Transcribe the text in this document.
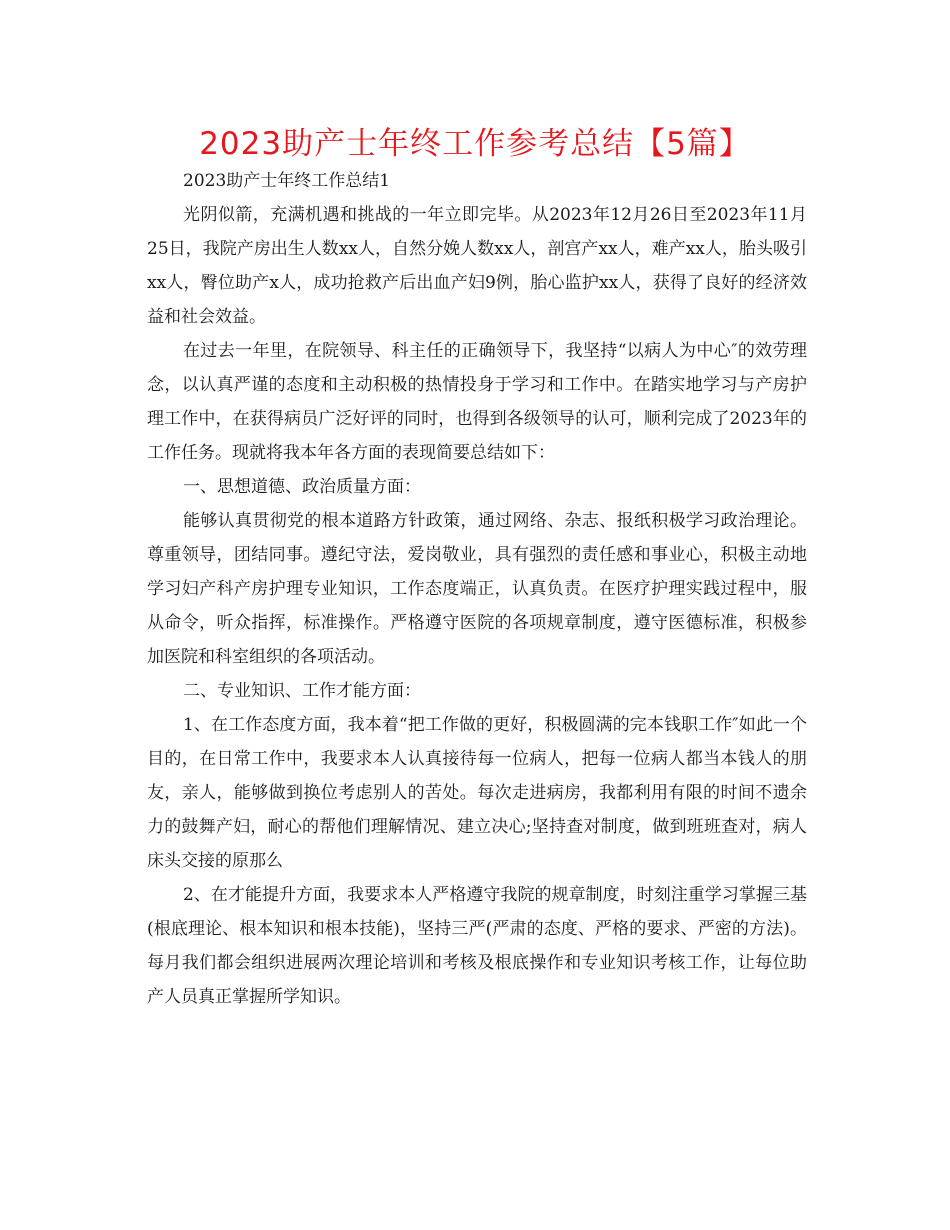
2023助产士年终工作参考总结【5篇】

2023助产士年终工作总结1

光阴似箭，充满机遇和挑战的一年立即完毕。从2023年12月26日至2023年11月25日，我院产房出生人数xx人，自然分娩人数xx人，剖宫产xx人，难产xx人，胎头吸引xx人，臀位助产x人，成功抢救产后出血产妇9例，胎心监护xx人，获得了良好的经济效益和社会效益。

在过去一年里，在院领导、科主任的正确领导下，我坚持“以病人为中心″的效劳理念，以认真严谨的态度和主动积极的热情投身于学习和工作中。在踏实地学习与产房护理工作中，在获得病员广泛好评的同时，也得到各级领导的认可，顺利完成了2023年的工作任务。现就将我本年各方面的表现简要总结如下：

一、思想道德、政治质量方面：

能够认真贯彻党的根本道路方针政策，通过网络、杂志、报纸积极学习政治理论。尊重领导，团结同事。遵纪守法，爱岗敬业，具有强烈的责任感和事业心，积极主动地学习妇产科产房护理专业知识，工作态度端正，认真负责。在医疗护理实践过程中，服从命令，听众指挥，标准操作。严格遵守医院的各项规章制度，遵守医德标准，积极参加医院和科室组织的各项活动。

二、专业知识、工作才能方面：

1、在工作态度方面，我本着“把工作做的更好，积极圆满的完本钱职工作″如此一个目的，在日常工作中，我要求本人认真接待每一位病人，把每一位病人都当本钱人的朋友，亲人，能够做到换位考虑别人的苦处。每次走进病房，我都利用有限的时间不遗余力的鼓舞产妇，耐心的帮他们理解情况、建立决心;坚持查对制度，做到班班查对，病人床头交接的原那么

2、在才能提升方面，我要求本人严格遵守我院的规章制度，时刻注重学习掌握三基(根底理论、根本知识和根本技能)，坚持三严(严肃的态度、严格的要求、严密的方法)。每月我们都会组织进展两次理论培训和考核及根底操作和专业知识考核工作，让每位助产人员真正掌握所学知识。
